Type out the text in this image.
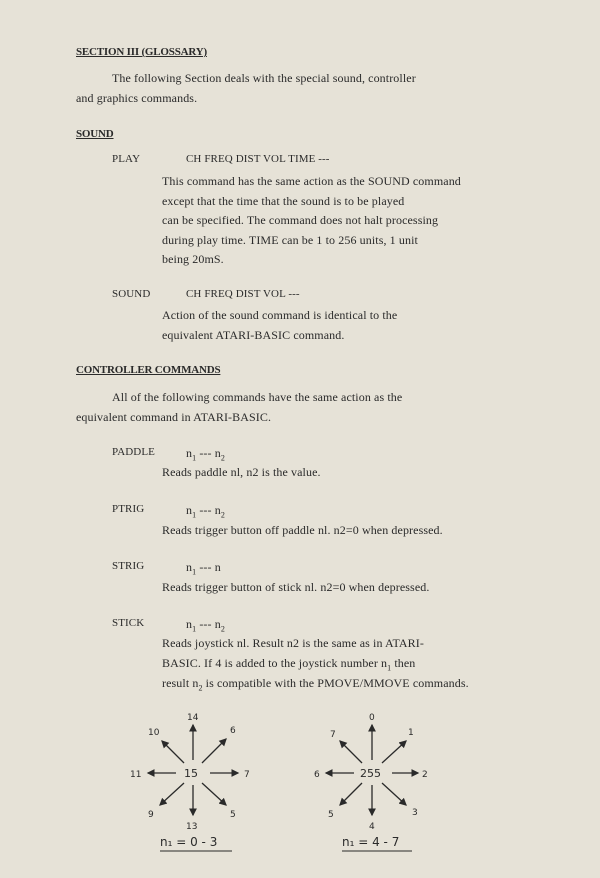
SECTION III (GLOSSARY)
The following Section deals with the special sound, controller
and graphics commands.
SOUND
PLAY	CH FREQ DIST VOL TIME ---
This command has the same action as the SOUND command
except that the time that the sound is to be played
can be specified. The command does not halt processing
during play time. TIME can be 1 to 256 units, 1 unit
being 20mS.
SOUND	CH FREQ DIST VOL ---
Action of the sound command is identical to the
equivalent ATARI-BASIC command.
CONTROLLER COMMANDS
All of the following commands have the same action as the
equivalent command in ATARI-BASIC.
PADDLE	$n_1$ --- $n_2$
Reads paddle nl, n2 is the value.
PTRIG	$n_1$ --- $n_2$
Reads trigger button off paddle nl. n2=0 when depressed.
STRIG	$n_1$ --- n
Reads trigger button of stick nl. n2=0 when depressed.
STICK	$n_1$ --- $n_2$
Reads joystick nl. Result n2 is the same as in ATARI-
BASIC. If 4 is added to the joystick number $n_1$ then
result $n_2$ is compatible with the PMOVE/MMOVE commands.
15
14
6
7
5
13
9
11
10
n₁ = 0 - 3
255
0
1
2
3
4
5
6
7
n₁ = 4 - 7
